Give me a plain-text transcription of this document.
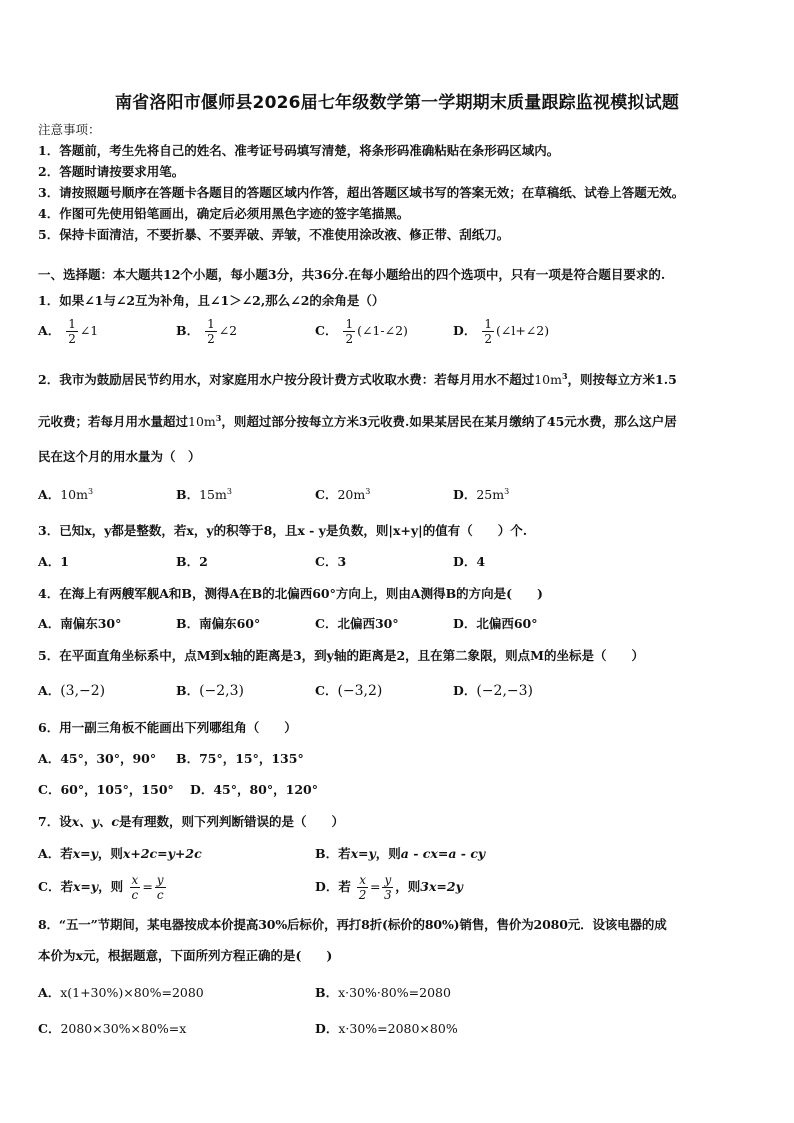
南省洛阳市偃师县2026届七年级数学第一学期期末质量跟踪监视模拟试题
注意事项：
1．答题前，考生先将自己的姓名、准考证号码填写清楚，将条形码准确粘贴在条形码区域内。
2．答题时请按要求用笔。
3．请按照题号顺序在答题卡各题目的答题区域内作答，超出答题区域书写的答案无效；在草稿纸、试卷上答题无效。
4．作图可先使用铅笔画出，确定后必须用黑色字迹的签字笔描黑。
5．保持卡面清洁，不要折暴、不要弄破、弄皱，不准使用涂改液、修正带、刮纸刀。
一、选择题：本大题共12个小题，每小题3分，共36分.在每小题给出的四个选项中，只有一项是符合题目要求的.
1．如果∠1与∠2互为补角，且∠1＞∠2,那么∠2的余角是（）
A． $\frac{1}{2}$ ∠1	B． $\frac{1}{2}$ ∠2	C． $\frac{1}{2}$ (∠1-∠2)	D． $\frac{1}{2}$ (∠l+∠2)
2．我市为鼓励居民节约用水，对家庭用水户按分段计费方式收取水费：若每月用水不超过$10m^3$，则按每立方米1.5
元收费；若每月用水量超过$10m^3$，则超过部分按每立方米3元收费.如果某居民在某月缴纳了45元水费，那么这户居
民在这个月的用水量为（　）
A．$10m^3$	B．$15m^3$	C．$20m^3$	D．$25m^3$
3．已知x，y都是整数，若x，y的积等于8，且x - y是负数，则|x+y|的值有（　　）个.
A．1	B．2	C．3	D．4
4．在海上有两艘军舰A和B，测得A在B的北偏西60°方向上，则由A测得B的方向是(　　)
A．南偏东30°	B．南偏东60°	C．北偏西30°	D．北偏西60°
5．在平面直角坐标系中，点M到x轴的距离是3，到y轴的距离是2，且在第二象限，则点M的坐标是（　　）
A．(3,−2)	B．(−2,3)	C．(−3,2)	D．(−2,−3)
6．用一副三角板不能画出下列哪组角（　　）
A．45°，30°，90° B．75°，15°，135°
C．60°，105°，150° D．45°，80°，120°
7．设x、y、c是有理数，则下列判断错误的是（　　）
A．若x=y，则x+2c=y+2c	B．若x=y，则a - cx=a - cy
C．若x=y，则 $\frac{x}{c} = \frac{y}{c}$	D．若 $\frac{x}{2} = \frac{y}{3}$ ，则3x=2y
8．“五一”节期间，某电器按成本价提高30%后标价，再打8折(标价的80%)销售，售价为2080元．设该电器的成
本价为x元，根据题意，下面所列方程正确的是(　　)
A．x(1+30%)×80%=2080	B．x·30%·80%=2080
C．2080×30%×80%=x	D．x·30%=2080×80%
